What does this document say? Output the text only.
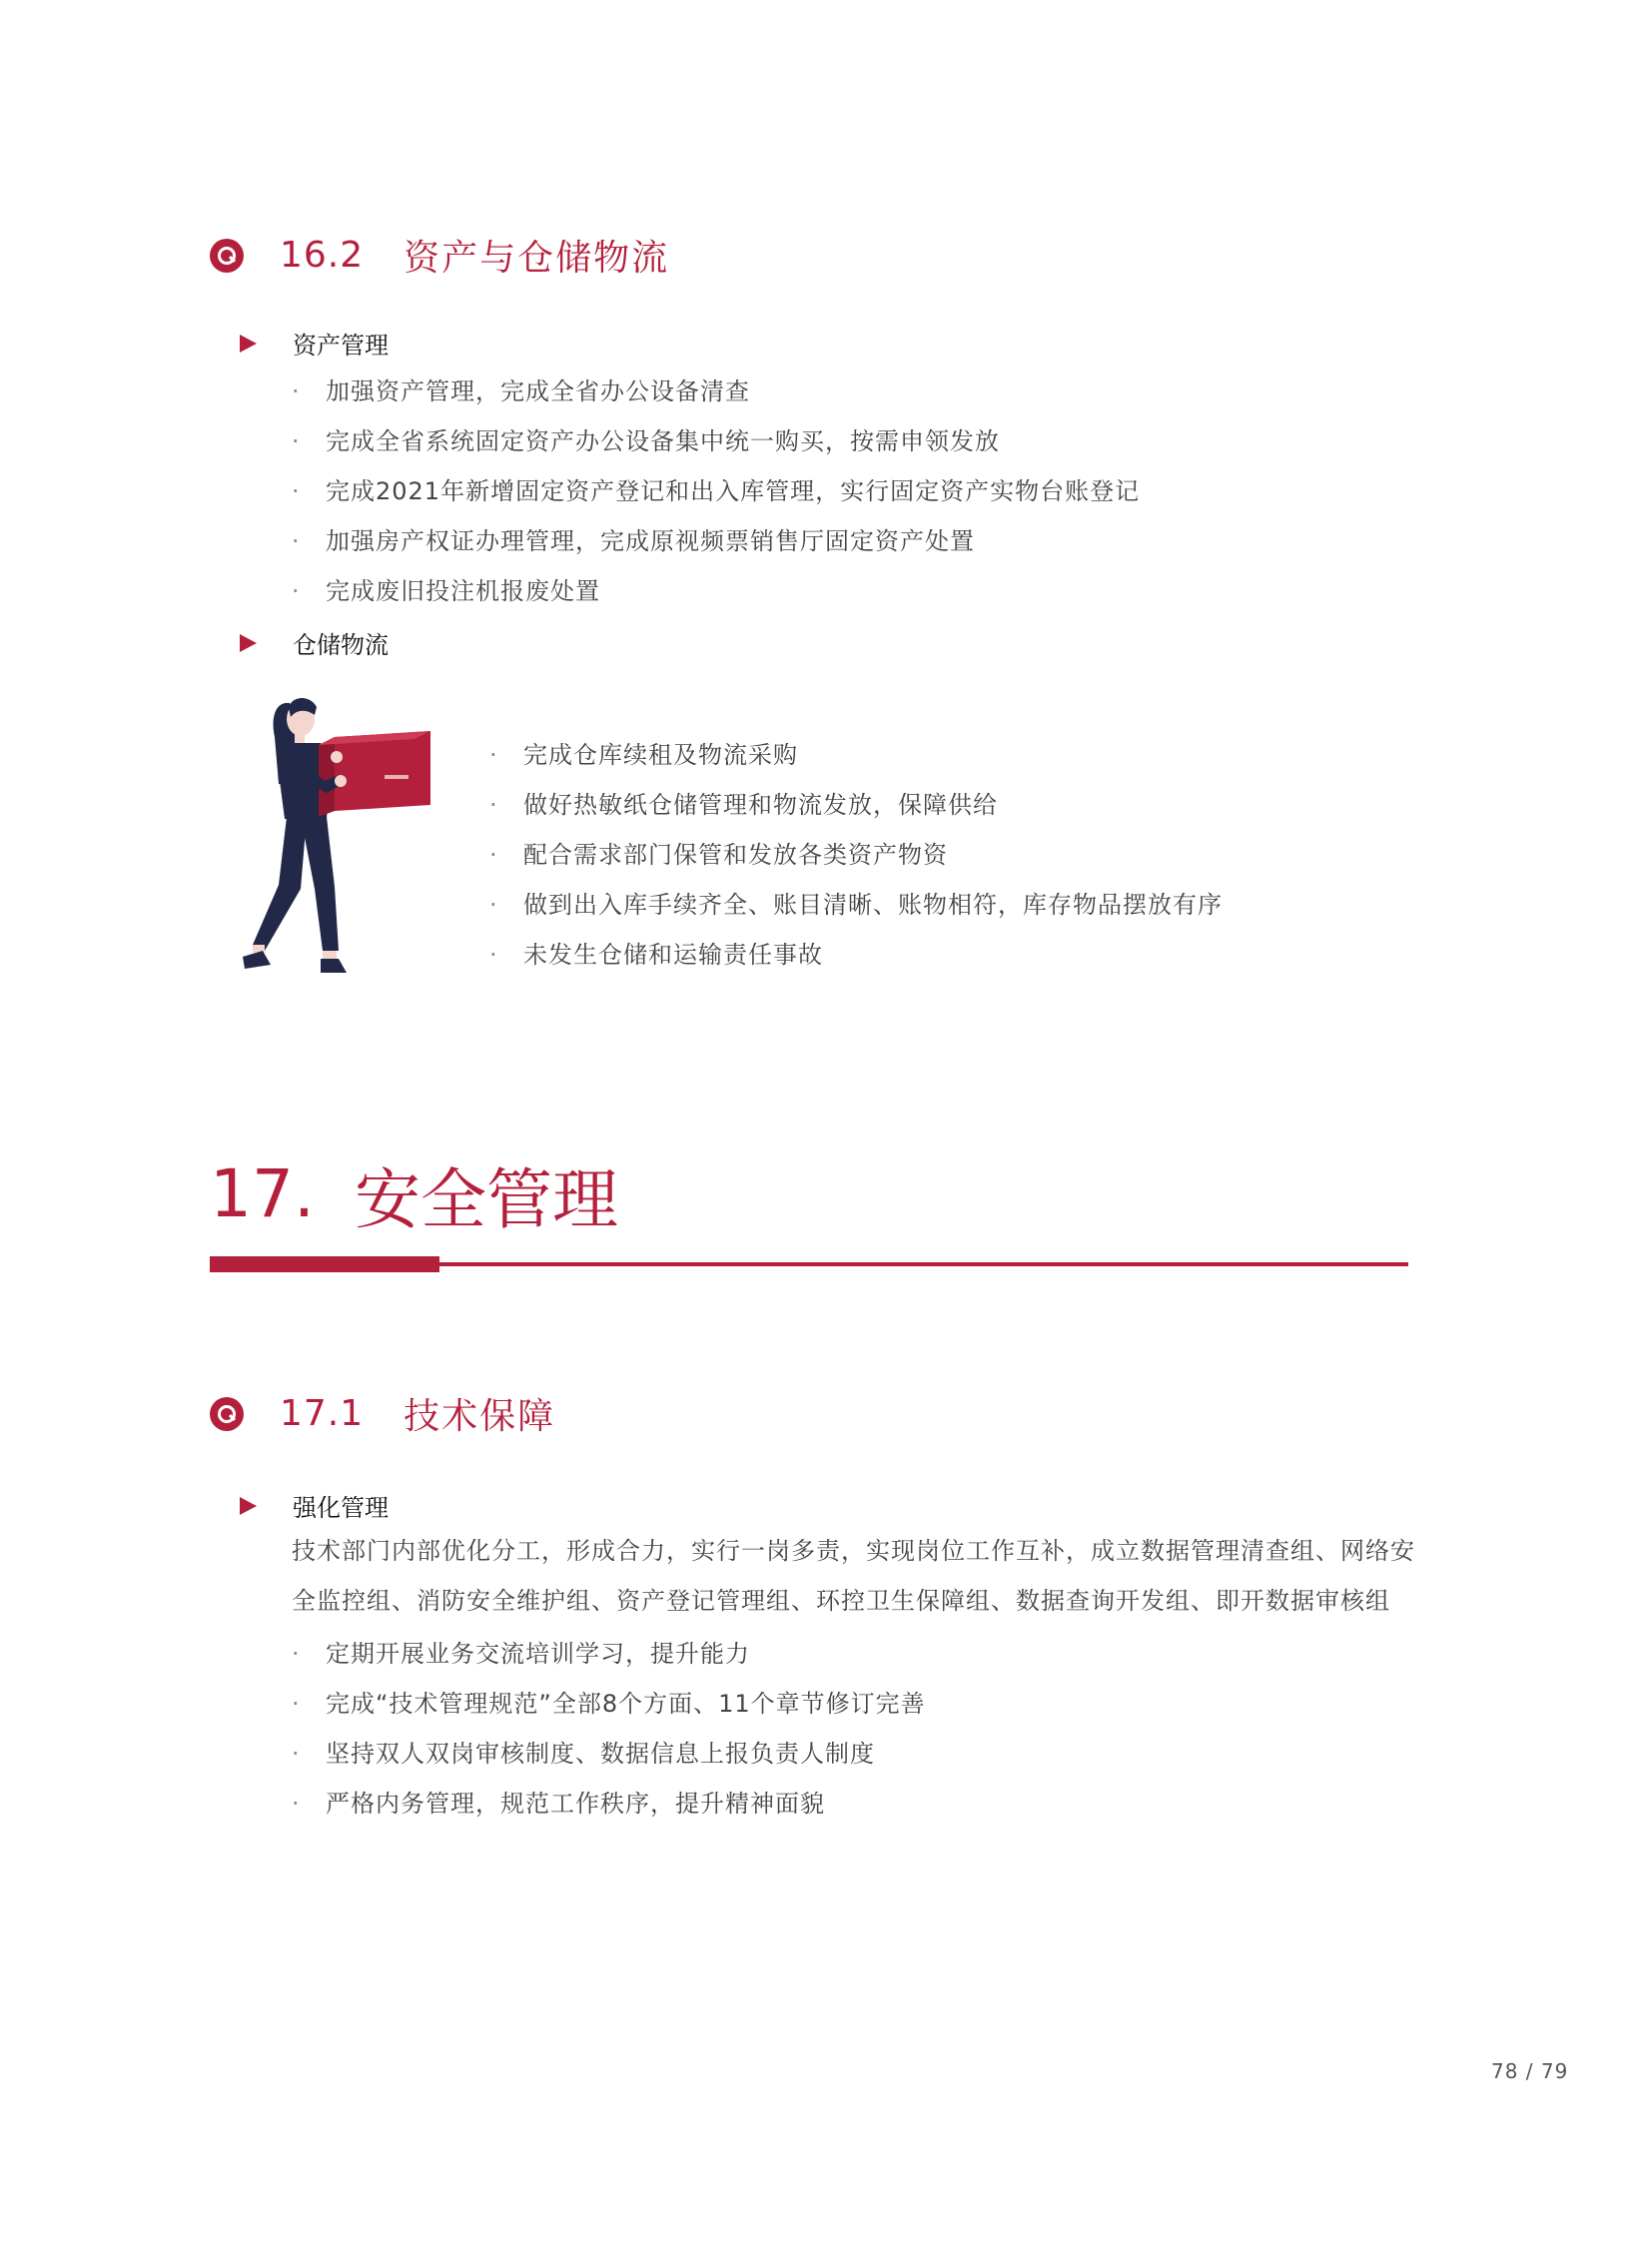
16.2 资产与仓储物流
资产管理
·	加强资产管理，完成全省办公设备清查
·	完成全省系统固定资产办公设备集中统一购买，按需申领发放
·	完成2021年新增固定资产登记和出入库管理，实行固定资产实物台账登记
·	加强房产权证办理管理，完成原视频票销售厅固定资产处置
·	完成废旧投注机报废处置
仓储物流
·	完成仓库续租及物流采购
·	做好热敏纸仓储管理和物流发放，保障供给
·	配合需求部门保管和发放各类资产物资
·	做到出入库手续齐全、账目清晰、账物相符，库存物品摆放有序
·	未发生仓储和运输责任事故
17. 安全管理
17.1 技术保障
强化管理
技术部门内部优化分工，形成合力，实行一岗多责，实现岗位工作互补，成立数据管理清查组、网络安全监控组、消防安全维护组、资产登记管理组、环控卫生保障组、数据查询开发组、即开数据审核组
·	定期开展业务交流培训学习，提升能力
·	完成“技术管理规范”全部8个方面、11个章节修订完善
·	坚持双人双岗审核制度、数据信息上报负责人制度
·	严格内务管理，规范工作秩序，提升精神面貌
78 / 79
